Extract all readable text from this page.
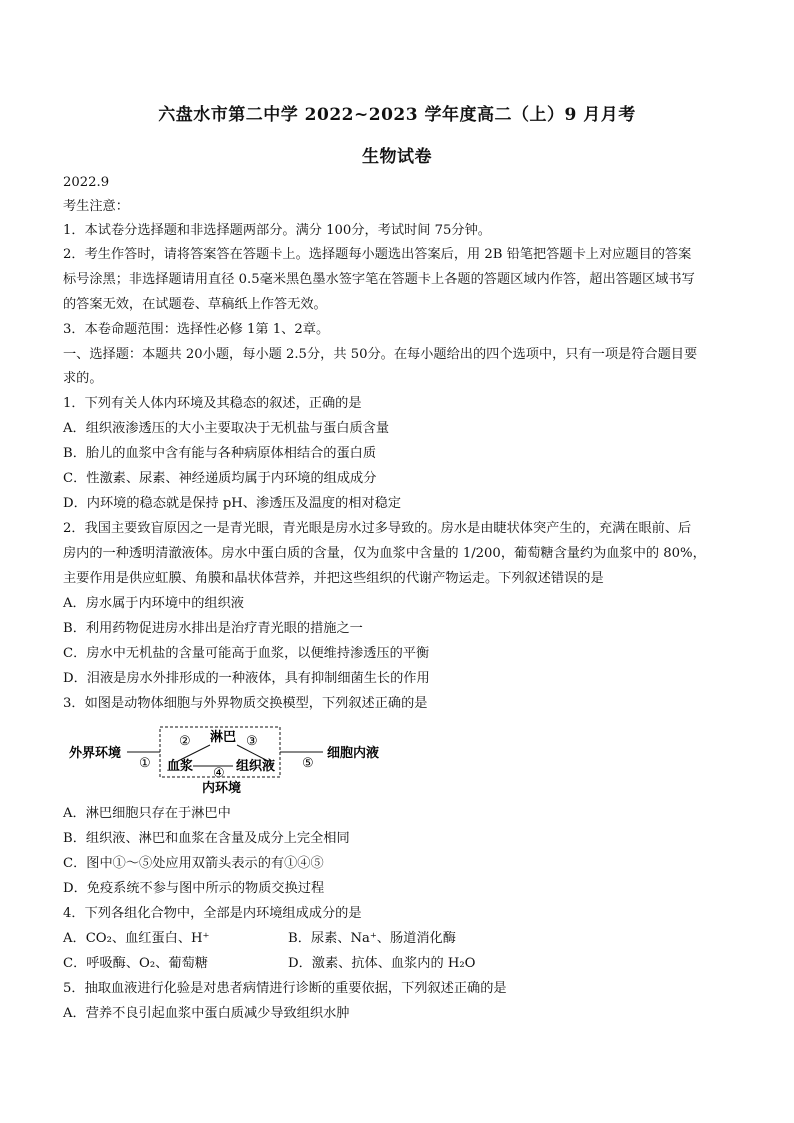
六盘水市第二中学 2022~2023 学年度高二（上）9 月月考
生物试卷
2022.9
考生注意：
1．本试卷分选择题和非选择题两部分。满分 100分，考试时间 75分钟。
2．考生作答时，请将答案答在答题卡上。选择题每小题选出答案后，用 2B 铅笔把答题卡上对应题目的答案
标号涂黑；非选择题请用直径 0.5毫米黑色墨水签字笔在答题卡上各题的答题区域内作答，超出答题区域书写
的答案无效，在试题卷、草稿纸上作答无效。
3．本卷命题范围：选择性必修 1第 1、2章。
一、选择题：本题共 20小题，每小题 2.5分，共 50分。在每小题给出的四个选项中，只有一项是符合题目要
求的。
1．下列有关人体内环境及其稳态的叙述，正确的是
A．组织液渗透压的大小主要取决于无机盐与蛋白质含量
B．胎儿的血浆中含有能与各种病原体相结合的蛋白质
C．性激素、尿素、神经递质均属于内环境的组成成分
D．内环境的稳态就是保持 pH、渗透压及温度的相对稳定
2．我国主要致盲原因之一是青光眼，青光眼是房水过多导致的。房水是由睫状体突产生的，充满在眼前、后
房内的一种透明清澈液体。房水中蛋白质的含量，仅为血浆中含量的 1/200，葡萄糖含量约为血浆中的 80%，
主要作用是供应虹膜、角膜和晶状体营养，并把这些组织的代谢产物运走。下列叙述错误的是
A．房水属于内环境中的组织液
B．利用药物促进房水排出是治疗青光眼的措施之一
C．房水中无机盐的含量可能高于血浆，以便维持渗透压的平衡
D．泪液是房水外排形成的一种液体，具有抑制细菌生长的作用
3．如图是动物体细胞与外界物质交换模型，下列叙述正确的是
外界环境
①
② 淋巴 ③
血浆 ④ 组织液 ⑤
细胞内液
内环境
A．淋巴细胞只存在于淋巴中
B．组织液、淋巴和血浆在含量及成分上完全相同
C．图中①～⑤处应用双箭头表示的有①④⑤
D．免疫系统不参与图中所示的物质交换过程
4．下列各组化合物中，全部是内环境组成成分的是
A．CO₂、血红蛋白、H⁺	B．尿素、Na⁺、肠道消化酶
C．呼吸酶、O₂、葡萄糖	D．激素、抗体、血浆内的 H₂O
5．抽取血液进行化验是对患者病情进行诊断的重要依据，下列叙述正确的是
A．营养不良引起血浆中蛋白质减少导致组织水肿
